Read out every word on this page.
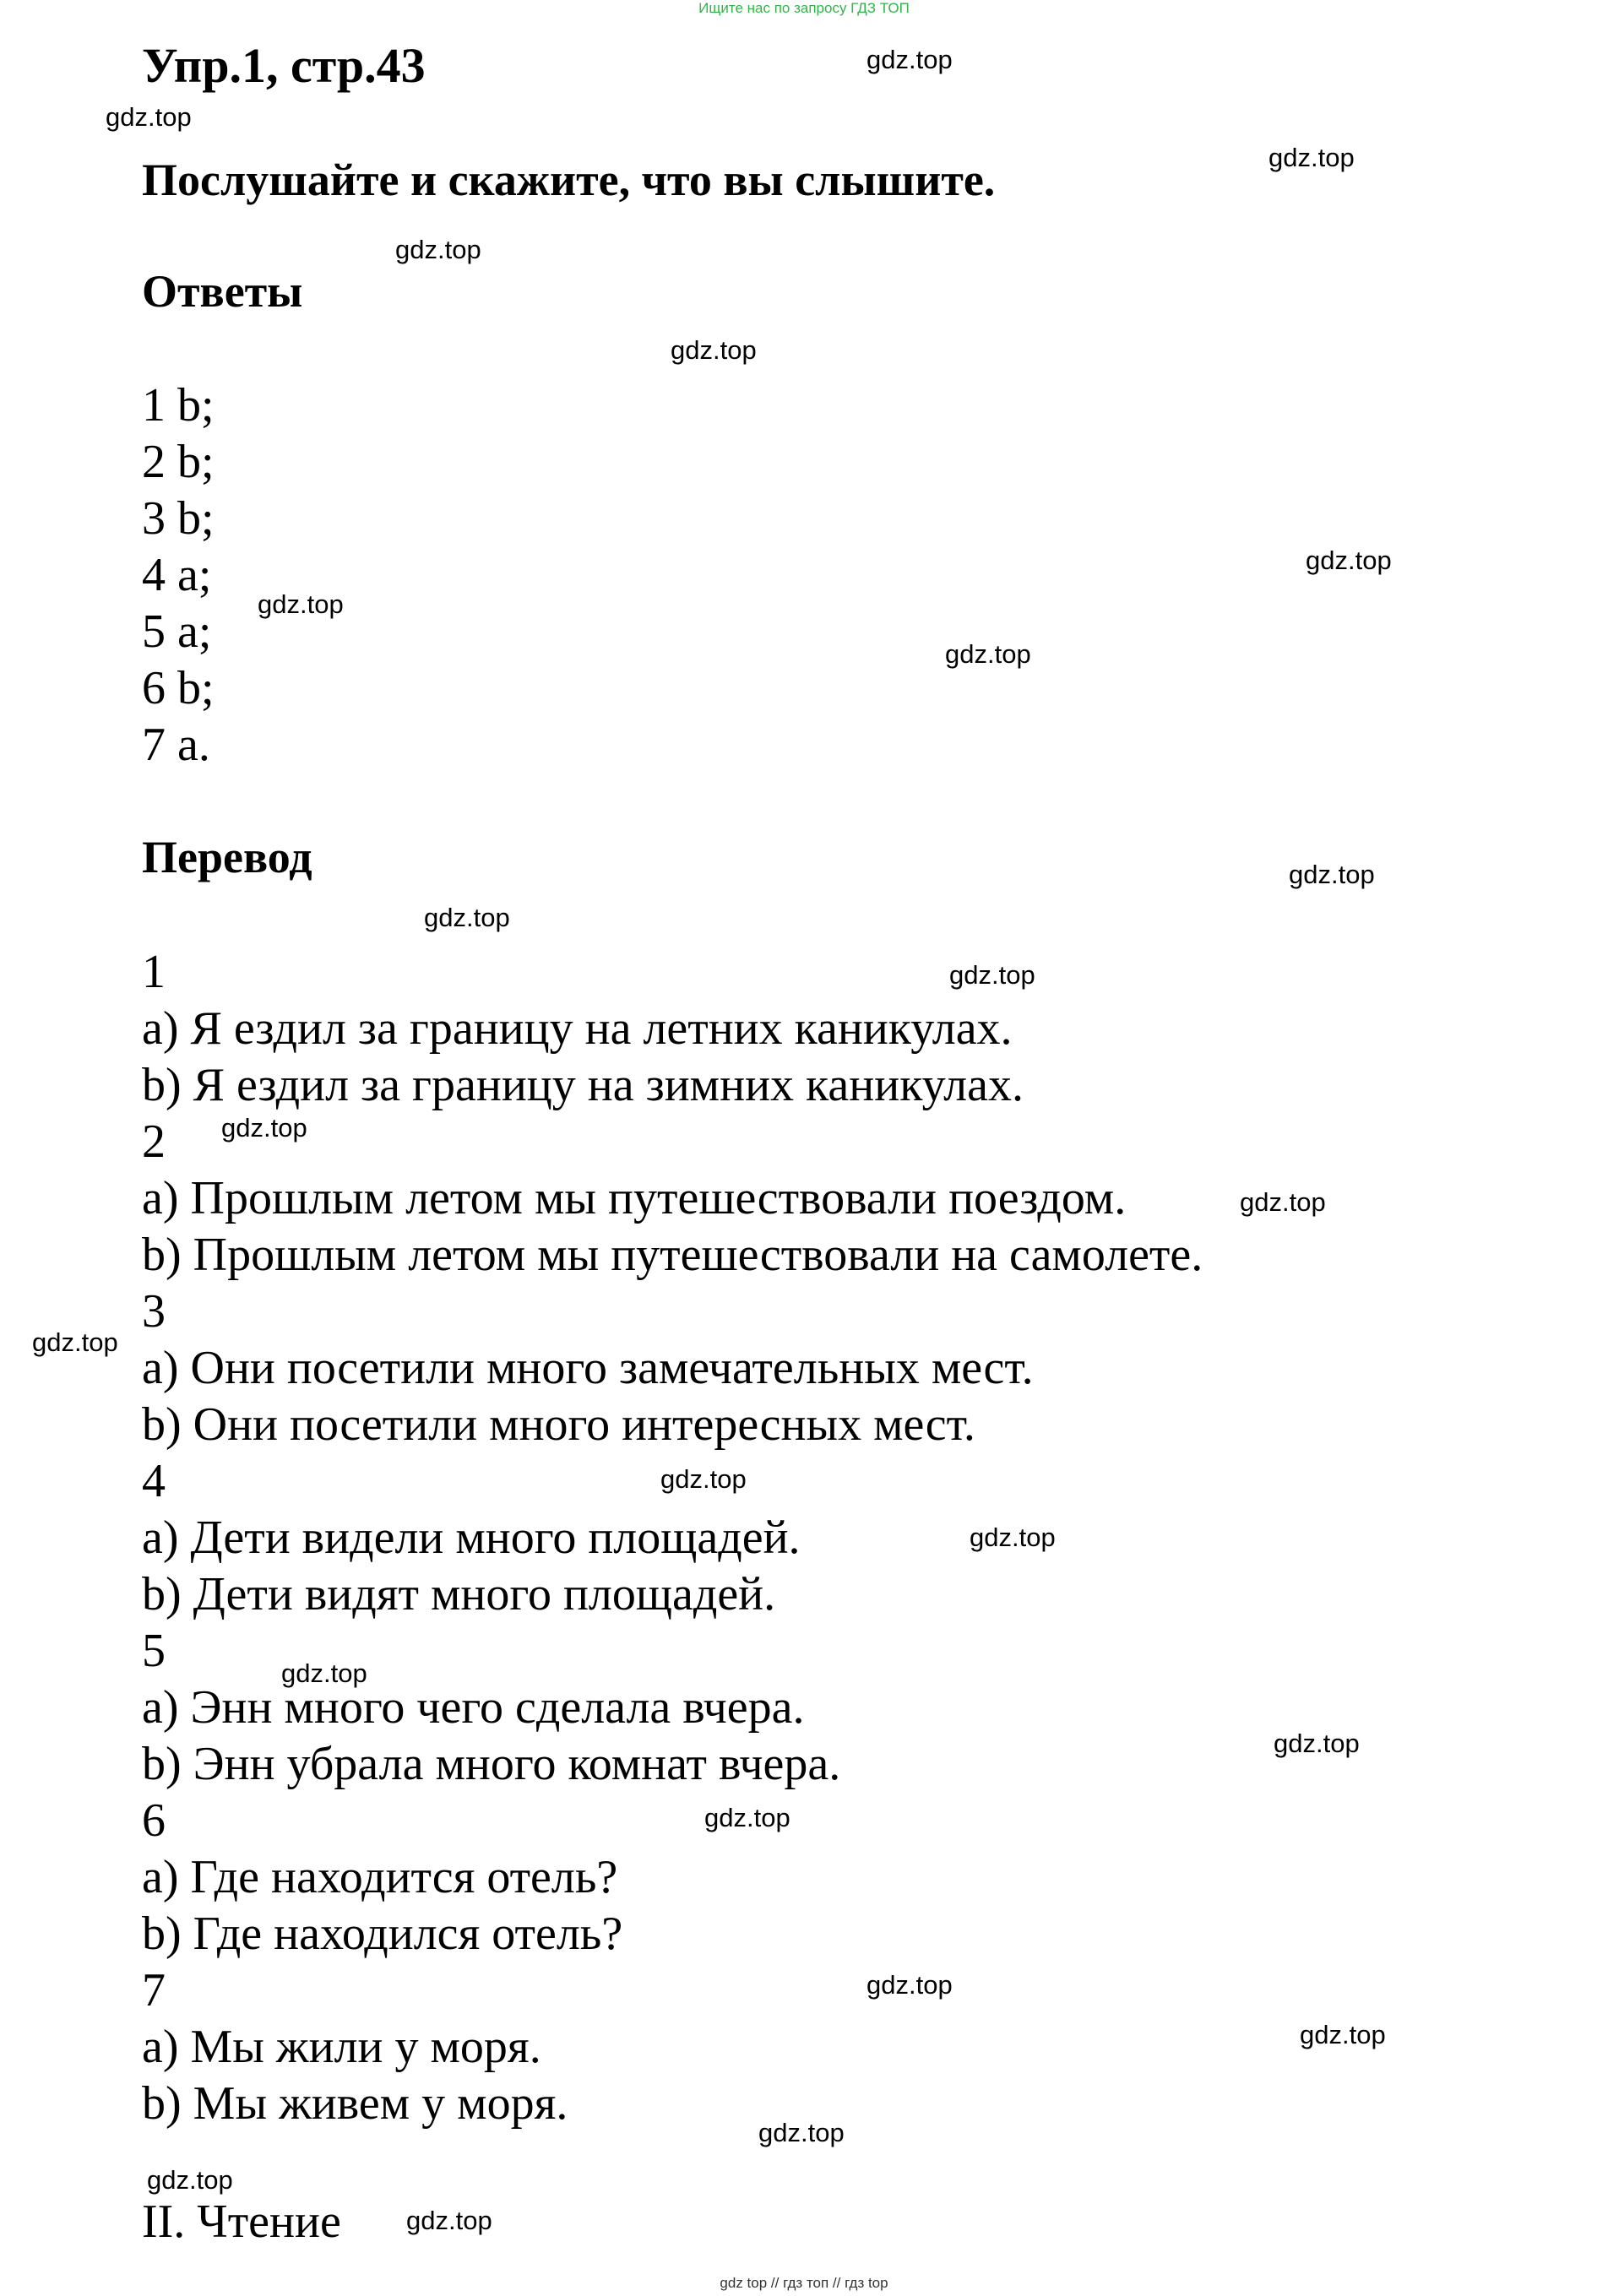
Ищите нас по запросу ГДЗ ТОП
Упр.1, стр.43
Послушайте и скажите, что вы слышите.
Ответы
1 b;
2 b;
3 b;
4 a;
5 a;
6 b;
7 a.
Перевод
1
a) Я ездил за границу на летних каникулах.
b) Я ездил за границу на зимних каникулах.
2
a) Прошлым летом мы путешествовали поездом.
b) Прошлым летом мы путешествовали на самолете.
3
a) Они посетили много замечательных мест.
b) Они посетили много интересных мест.
4
a) Дети видели много площадей.
b) Дети видят много площадей.
5
a) Энн много чего сделала вчера.
b) Энн убрала много комнат вчера.
6
a) Где находится отель?
b) Где находился отель?
7
a) Мы жили у моря.
b) Мы живем у моря.
II. Чтение
gdz.top
gdz.top
gdz.top
gdz.top
gdz.top
gdz.top
gdz.top
gdz.top
gdz.top
gdz.top
gdz.top
gdz.top
gdz.top
gdz.top
gdz.top
gdz.top
gdz.top
gdz.top
gdz.top
gdz.top
gdz.top
gdz.top
gdz.top
gdz.top
gdz top // гдз топ // гдз top
